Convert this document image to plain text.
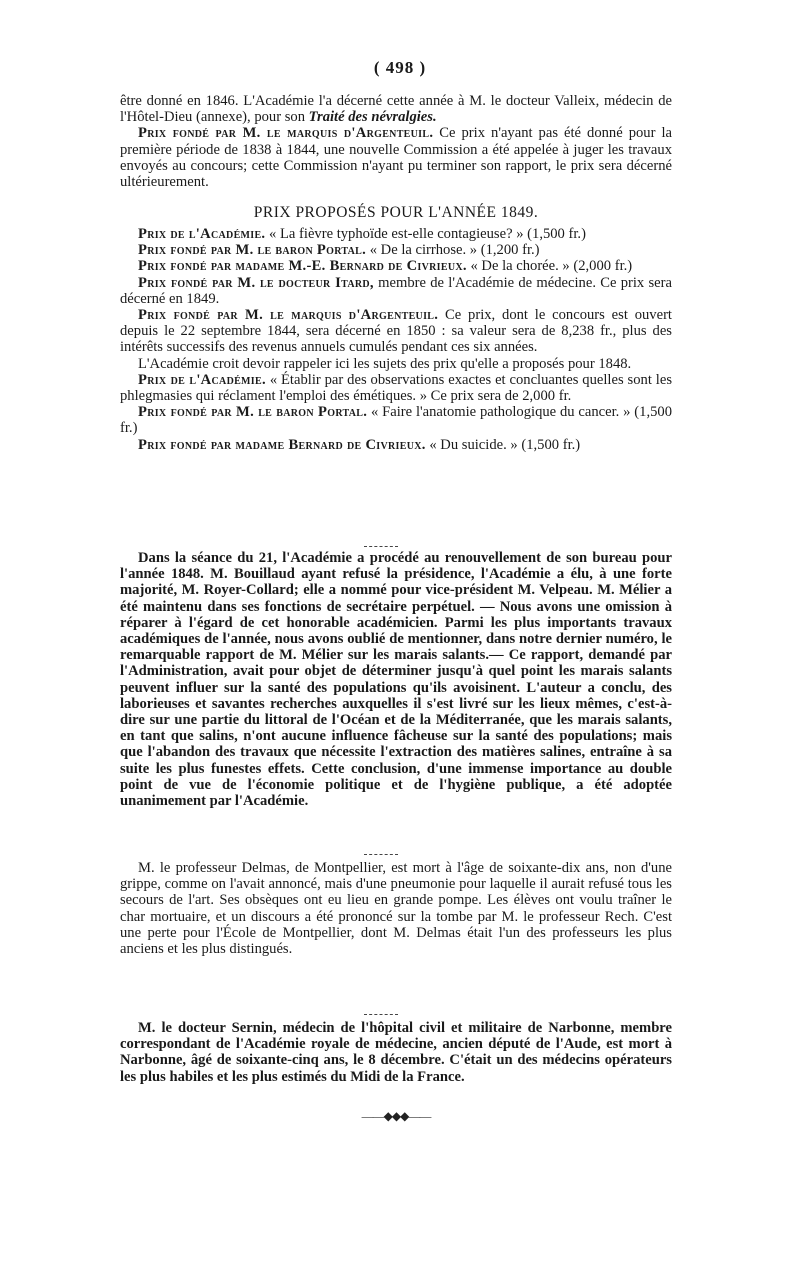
( 498 )

être donné en 1846. L'Académie l'a décerné cette année à M. le docteur Valleix, médecin de l'Hôtel-Dieu (annexe), pour son Traité des névralgies.

Prix fondé par M. le marquis d'Argenteuil. Ce prix n'ayant pas été donné pour la première période de 1838 à 1844, une nouvelle Commission a été appelée à juger les travaux envoyés au concours; cette Commission n'ayant pu terminer son rapport, le prix sera décerné ultérieurement.

PRIX PROPOSÉS POUR L'ANNÉE 1849.

Prix de l'Académie. « La fièvre typhoïde est-elle contagieuse? » (1,500 fr.)

Prix fondé par M. le baron Portal. « De la cirrhose. » (1,200 fr.)

Prix fondé par madame M.-E. Bernard de Civrieux. « De la chorée. » (2,000 fr.)

Prix fondé par M. le docteur Itard, membre de l'Académie de médecine. Ce prix sera décerné en 1849.

Prix fondé par M. le marquis d'Argenteuil. Ce prix, dont le concours est ouvert depuis le 22 septembre 1844, sera décerné en 1850 : sa valeur sera de 8,238 fr., plus des intérêts successifs des revenus annuels cumulés pendant ces six années.

L'Académie croit devoir rappeler ici les sujets des prix qu'elle a proposés pour 1848.

Prix de l'Académie. « Établir par des observations exactes et concluantes quelles sont les phlegmasies qui réclament l'emploi des émétiques. » Ce prix sera de 2,000 fr.

Prix fondé par M. le baron Portal. « Faire l'anatomie pathologique du cancer. » (1,500 fr.)

Prix fondé par madame Bernard de Civrieux. « Du suicide. » (1,500 fr.)

Dans la séance du 21, l'Académie a procédé au renouvellement de son bureau pour l'année 1848. M. Bouillaud ayant refusé la présidence, l'Académie a élu, à une forte majorité, M. Royer-Collard; elle a nommé pour vice-président M. Velpeau. M. Mélier a été maintenu dans ses fonctions de secrétaire perpétuel. — Nous avons une omission à réparer à l'égard de cet honorable académicien. Parmi les plus importants travaux académiques de l'année, nous avons oublié de mentionner, dans notre dernier numéro, le remarquable rapport de M. Mélier sur les marais salants.— Ce rapport, demandé par l'Administration, avait pour objet de déterminer jusqu'à quel point les marais salants peuvent influer sur la santé des populations qu'ils avoisinent. L'auteur a conclu, des laborieuses et savantes recherches auxquelles il s'est livré sur les lieux mêmes, c'est-à-dire sur une partie du littoral de l'Océan et de la Méditerranée, que les marais salants, en tant que salins, n'ont aucune influence fâcheuse sur la santé des populations; mais que l'abandon des travaux que nécessite l'extraction des matières salines, entraîne à sa suite les plus funestes effets. Cette conclusion, d'une immense importance au double point de vue de l'économie politique et de l'hygiène publique, a été adoptée unanimement par l'Académie.

M. le professeur Delmas, de Montpellier, est mort à l'âge de soixante-dix ans, non d'une grippe, comme on l'avait annoncé, mais d'une pneumonie pour laquelle il aurait refusé tous les secours de l'art. Ses obsèques ont eu lieu en grande pompe. Les élèves ont voulu traîner le char mortuaire, et un discours a été prononcé sur la tombe par M. le professeur Rech. C'est une perte pour l'École de Montpellier, dont M. Delmas était l'un des professeurs les plus anciens et les plus distingués.

M. le docteur Sernin, médecin de l'hôpital civil et militaire de Narbonne, membre correspondant de l'Académie royale de médecine, ancien député de l'Aude, est mort à Narbonne, âgé de soixante-cinq ans, le 8 décembre. C'était un des médecins opérateurs les plus habiles et les plus estimés du Midi de la France.

——◆◆◆——
